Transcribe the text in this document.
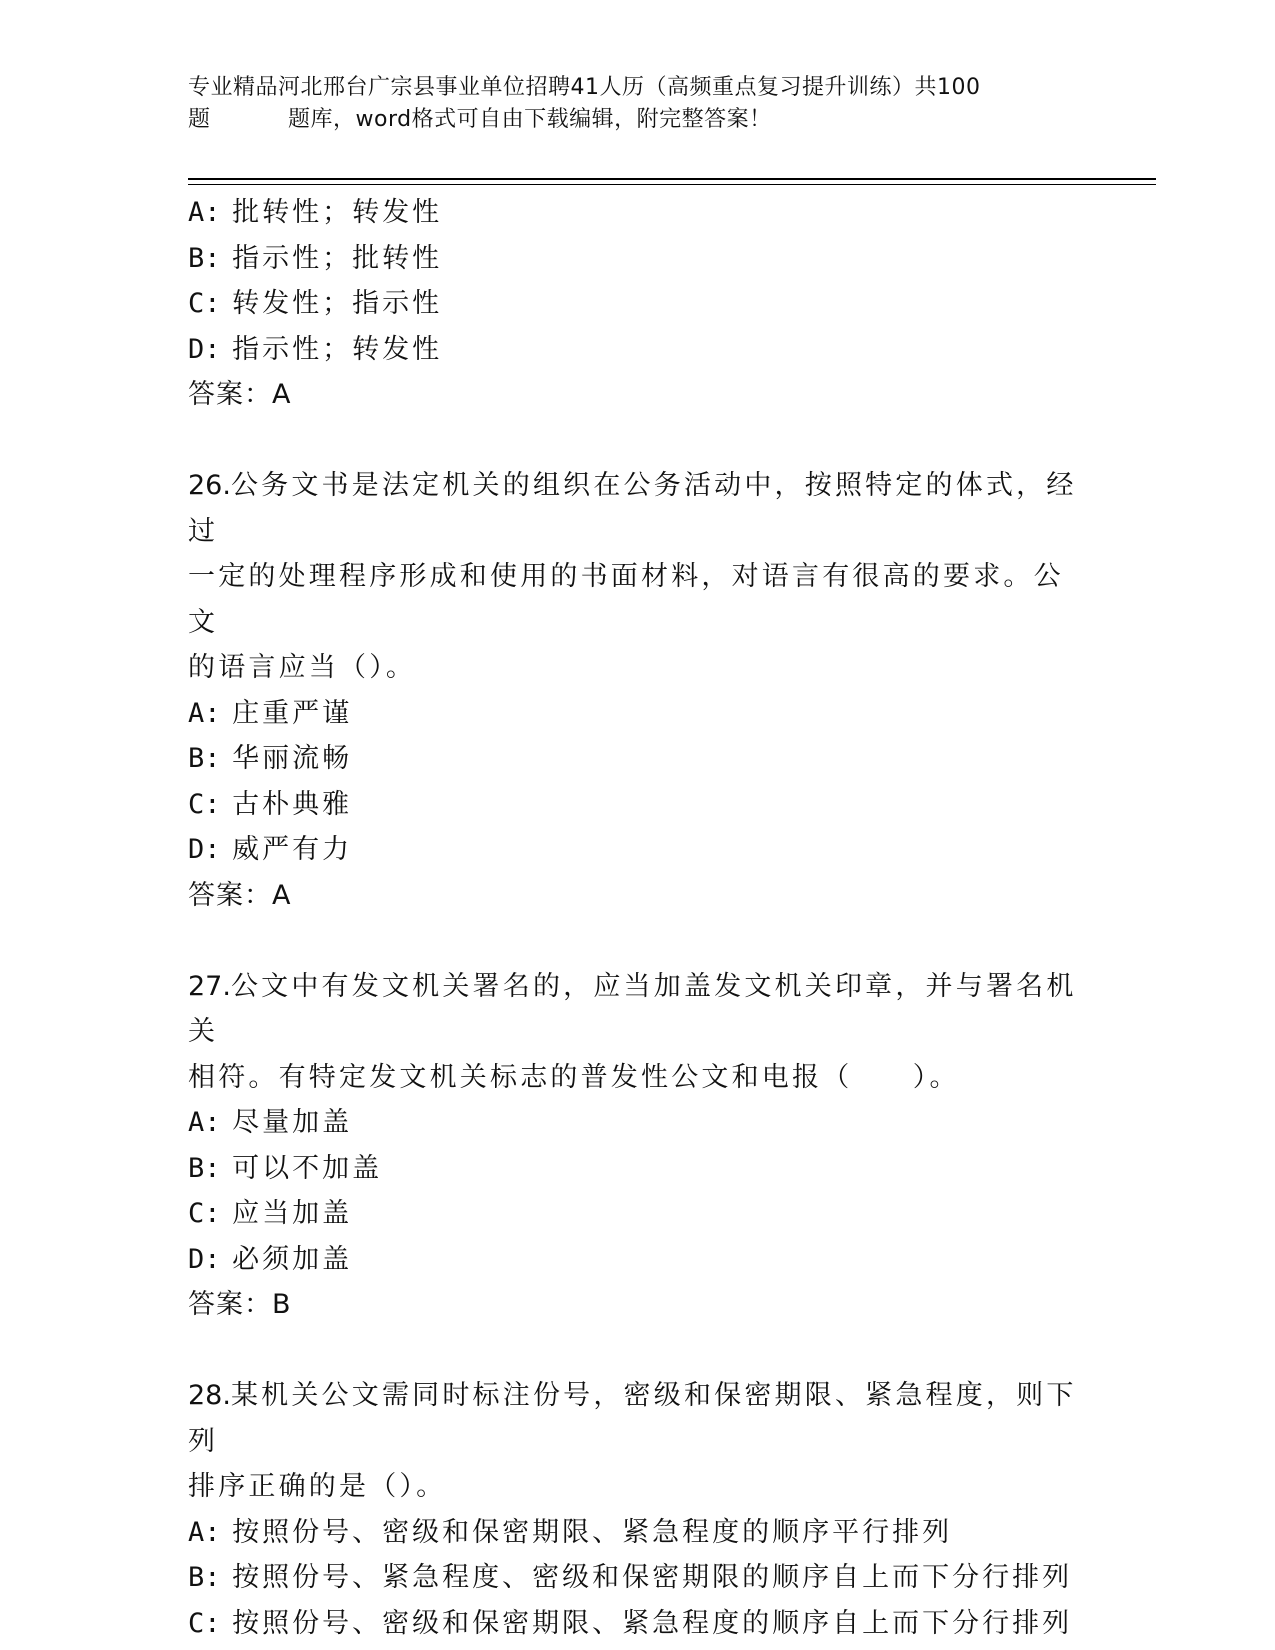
专业精品河北邢台广宗县事业单位招聘41人历（高频重点复习提升训练）共100
题	题库，word格式可自由下载编辑，附完整答案！
A: 批转性；转发性
B: 指示性；批转性
C: 转发性；指示性
D: 指示性；转发性
答案：A
26.公务文书是法定机关的组织在公务活动中，按照特定的体式，经过
一定的处理程序形成和使用的书面材料，对语言有很高的要求。公文
的语言应当（）。
A: 庄重严谨
B: 华丽流畅
C: 古朴典雅
D: 威严有力
答案：A
27.公文中有发文机关署名的，应当加盖发文机关印章，并与署名机关
相符。有特定发文机关标志的普发性公文和电报（　　）。
A: 尽量加盖
B: 可以不加盖
C: 应当加盖
D: 必须加盖
答案：B
28.某机关公文需同时标注份号，密级和保密期限、紧急程度，则下列
排序正确的是（）。
A: 按照份号、密级和保密期限、紧急程度的顺序平行排列
B: 按照份号、紧急程度、密级和保密期限的顺序自上而下分行排列
C: 按照份号、密级和保密期限、紧急程度的顺序自上而下分行排列
